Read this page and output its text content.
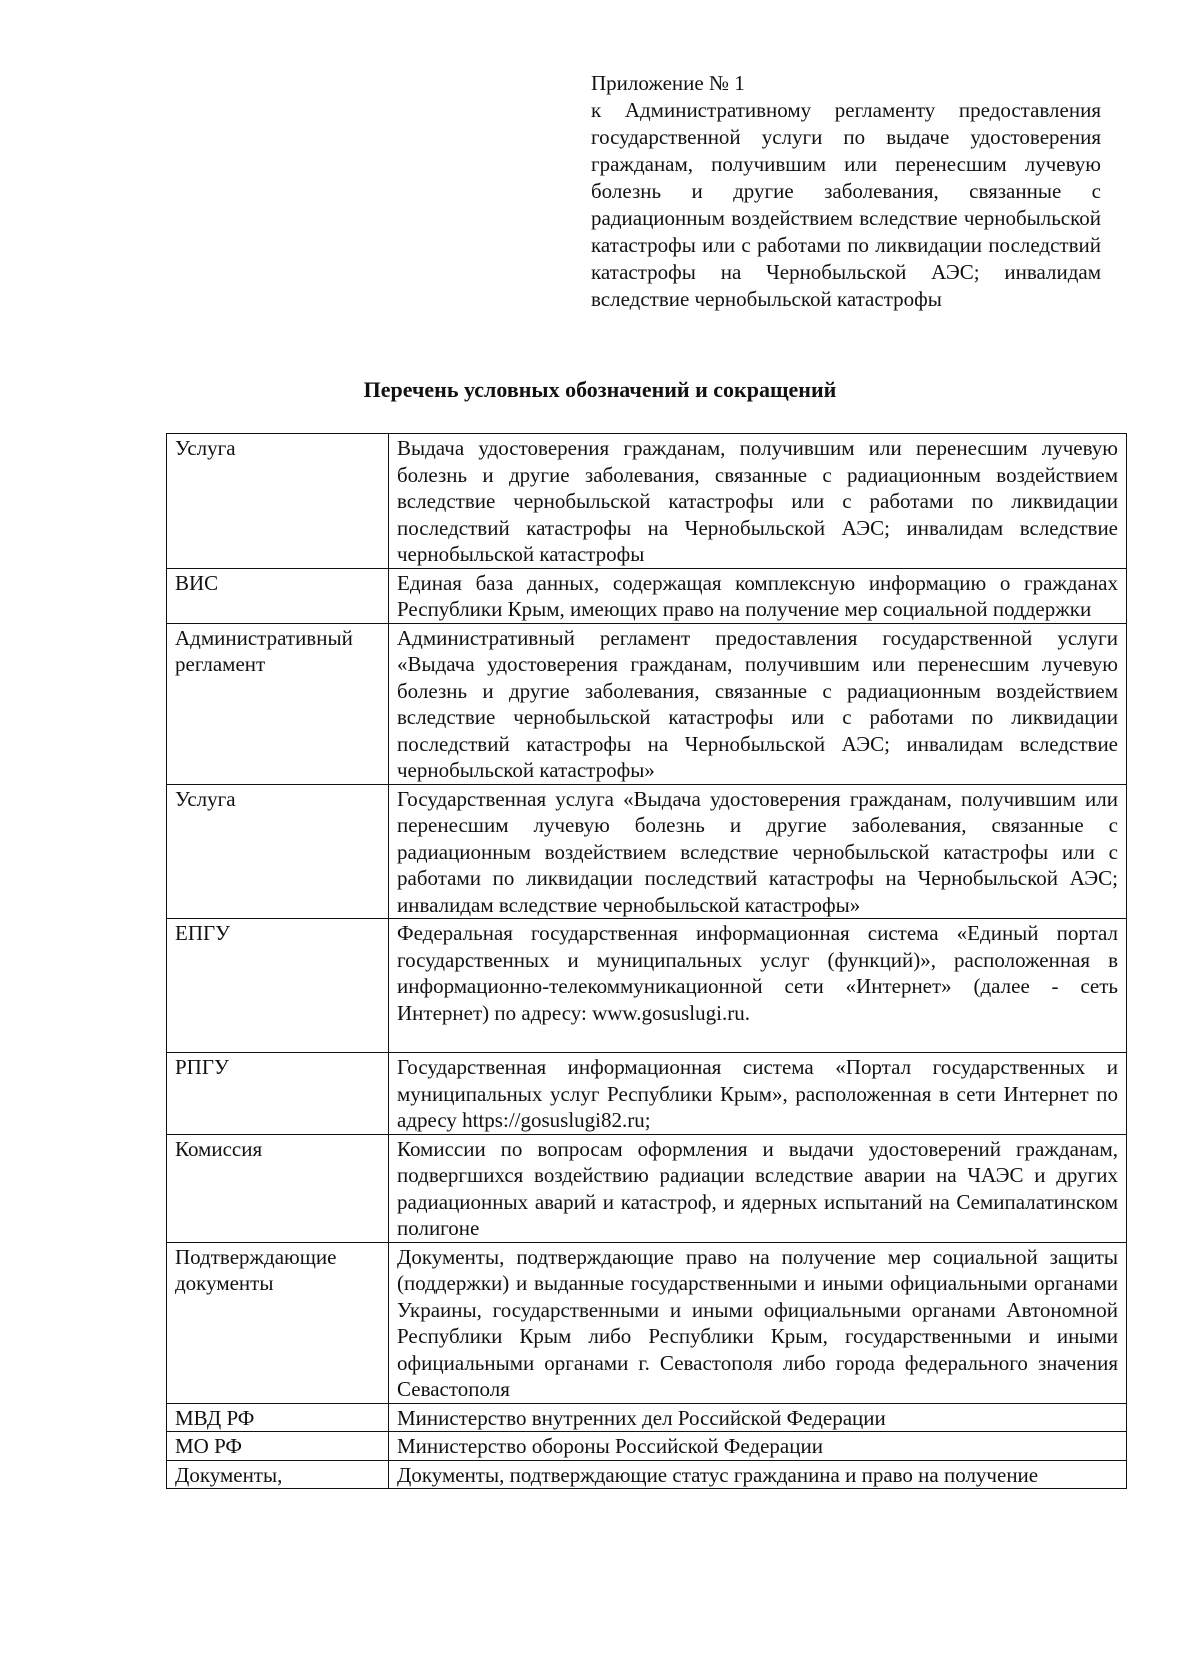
Приложение № 1
к Административному регламенту предоставления государственной услуги по выдаче удостоверения гражданам, получившим или перенесшим лучевую болезнь и другие заболевания, связанные с радиационным воздействием вследствие чернобыльской катастрофы или с работами по ликвидации последствий катастрофы на Чернобыльской АЭС; инвалидам вследствие чернобыльской катастрофы
Перечень условных обозначений и сокращений
Услуга	Выдача удостоверения гражданам, получившим или перенесшим лучевую болезнь и другие заболевания, связанные с радиационным воздействием вследствие чернобыльской катастрофы или с работами по ликвидации последствий катастрофы на Чернобыльской АЭС; инвалидам вследствие чернобыльской катастрофы
ВИС	Единая база данных, содержащая комплексную информацию о гражданах Республики Крым, имеющих право на получение мер социальной поддержки
Административный регламент	Административный регламент предоставления государственной услуги «Выдача удостоверения гражданам, получившим или перенесшим лучевую болезнь и другие заболевания, связанные с радиационным воздействием вследствие чернобыльской катастрофы или с работами по ликвидации последствий катастрофы на Чернобыльской АЭС; инвалидам вследствие чернобыльской катастрофы»
Услуга	Государственная услуга «Выдача удостоверения гражданам, получившим или перенесшим лучевую болезнь и другие заболевания, связанные с радиационным воздействием вследствие чернобыльской катастрофы или с работами по ликвидации последствий катастрофы на Чернобыльской АЭС; инвалидам вследствие чернобыльской катастрофы»
ЕПГУ	Федеральная государственная информационная система «Единый портал государственных и муниципальных услуг (функций)», расположенная в информационно-телекоммуникационной сети «Интернет» (далее - сеть Интернет) по адресу: www.gosuslugi.ru.
РПГУ	Государственная информационная система «Портал государственных и муниципальных услуг Республики Крым», расположенная в сети Интернет по адресу https://gosuslugi82.ru;
Комиссия	Комиссии по вопросам оформления и выдачи удостоверений гражданам, подвергшихся воздействию радиации вследствие аварии на ЧАЭС и других радиационных аварий и катастроф, и ядерных испытаний на Семипалатинском полигоне
Подтверждающие документы	Документы, подтверждающие право на получение мер социальной защиты (поддержки) и выданные государственными и иными официальными органами Украины, государственными и иными официальными органами Автономной Республики Крым либо Республики Крым, государственными и иными официальными органами г. Севастополя либо города федерального значения Севастополя
МВД РФ	Министерство внутренних дел Российской Федерации
МО РФ	Министерство обороны Российской Федерации
Документы,	Документы, подтверждающие статус гражданина и право на получение
